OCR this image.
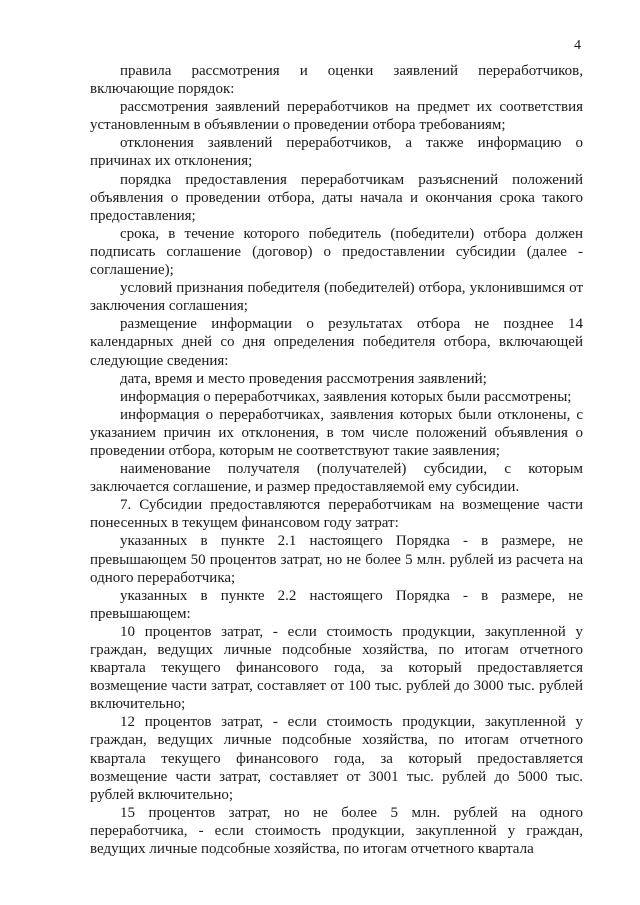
4

правила рассмотрения и оценки заявлений переработчиков, включающие порядок:

рассмотрения заявлений переработчиков на предмет их соответствия установленным в объявлении о проведении отбора требованиям;

отклонения заявлений переработчиков, а также информацию о причинах их отклонения;

порядка предоставления переработчикам разъяснений положений объявления о проведении отбора, даты начала и окончания срока такого предоставления;

срока, в течение которого победитель (победители) отбора должен подписать соглашение (договор) о предоставлении субсидии (далее - соглашение);

условий признания победителя (победителей) отбора, уклонившимся от заключения соглашения;

размещение информации о результатах отбора не позднее 14 календарных дней со дня определения победителя отбора, включающей следующие сведения:

дата, время и место проведения рассмотрения заявлений;

информация о переработчиках, заявления которых были рассмотрены;

информация о переработчиках, заявления которых были отклонены, с указанием причин их отклонения, в том числе положений объявления о проведении отбора, которым не соответствуют такие заявления;

наименование получателя (получателей) субсидии, с которым заключается соглашение, и размер предоставляемой ему субсидии.

7. Субсидии предоставляются переработчикам на возмещение части понесенных в текущем финансовом году затрат:

указанных в пункте 2.1 настоящего Порядка - в размере, не превышающем 50 процентов затрат, но не более 5 млн. рублей из расчета на одного переработчика;

указанных в пункте 2.2 настоящего Порядка - в размере, не превышающем:

10 процентов затрат, - если стоимость продукции, закупленной у граждан, ведущих личные подсобные хозяйства, по итогам отчетного квартала текущего финансового года, за который предоставляется возмещение части затрат, составляет от 100 тыс. рублей до 3000 тыс. рублей включительно;

12 процентов затрат, - если стоимость продукции, закупленной у граждан, ведущих личные подсобные хозяйства, по итогам отчетного квартала текущего финансового года, за который предоставляется возмещение части затрат, составляет от 3001 тыс. рублей до 5000 тыс. рублей включительно;

15 процентов затрат, но не более 5 млн. рублей на одного переработчика, - если стоимость продукции, закупленной у граждан, ведущих личные подсобные хозяйства, по итогам отчетного квартала
